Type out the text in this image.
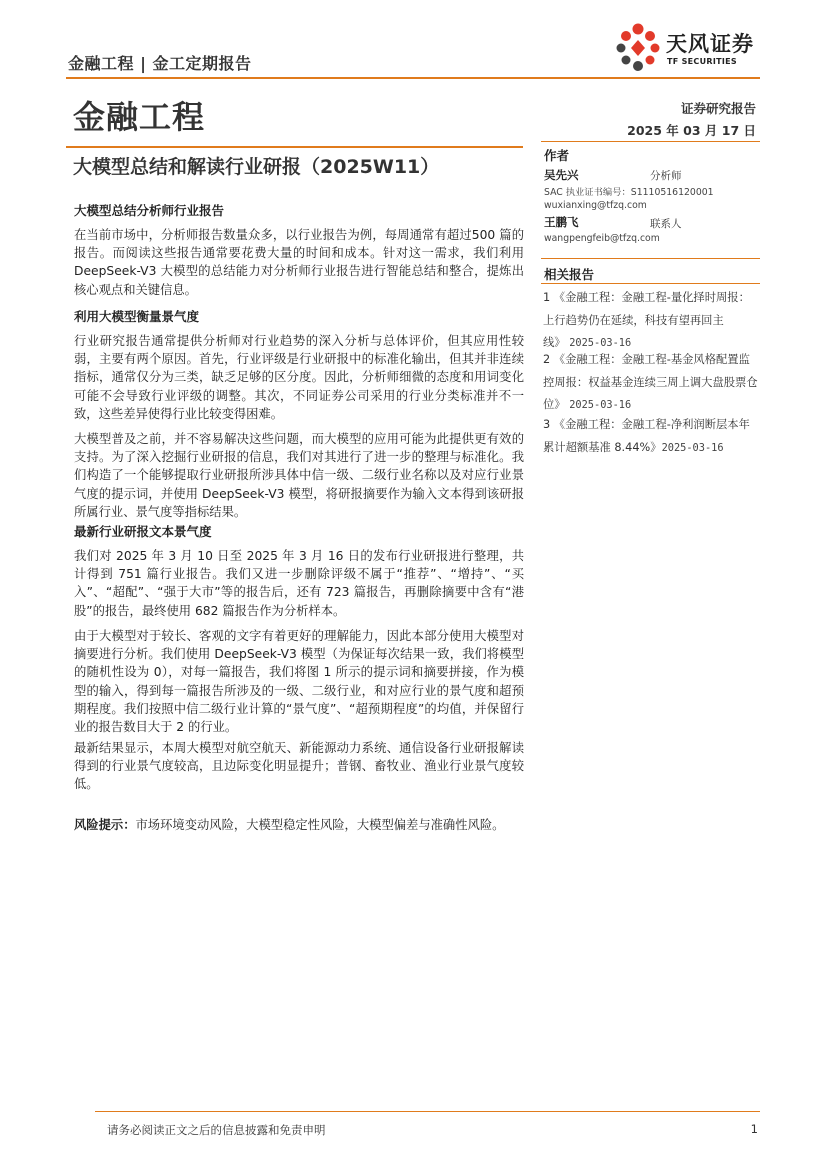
金融工程 | 金工定期报告
天风证券
TF SECURITIES
金融工程	证券研究报告
2025 年 03 月 17 日
大模型总结和解读行业研报（2025W11）
大模型总结分析师行业报告

在当前市场中，分析师报告数量众多，以行业报告为例，每周通常有超过500 篇的报告。而阅读这些报告通常要花费大量的时间和成本。针对这一需求，我们利用 DeepSeek-V3 大模型的总结能力对分析师行业报告进行智能总结和整合，提炼出核心观点和关键信息。

利用大模型衡量景气度

行业研究报告通常提供分析师对行业趋势的深入分析与总体评价，但其应用性较弱，主要有两个原因。首先，行业评级是行业研报中的标准化输出，但其并非连续指标，通常仅分为三类，缺乏足够的区分度。因此，分析师细微的态度和用词变化可能不会导致行业评级的调整。其次，不同证券公司采用的行业分类标准并不一致，这些差异使得行业比较变得困难。

大模型普及之前，并不容易解决这些问题，而大模型的应用可能为此提供更有效的支持。为了深入挖掘行业研报的信息，我们对其进行了进一步的整理与标准化。我们构造了一个能够提取行业研报所涉具体中信一级、二级行业名称以及对应行业景气度的提示词，并使用 DeepSeek-V3 模型，将研报摘要作为输入文本得到该研报所属行业、景气度等指标结果。

最新行业研报文本景气度

我们对 2025 年 3 月 10 日至 2025 年 3 月 16 日的发布行业研报进行整理，共计得到 751 篇行业报告。我们又进一步删除评级不属于“推荐”、“增持”、“买入”、“超配”、“强于大市”等的报告后，还有 723 篇报告，再删除摘要中含有“港股”的报告，最终使用 682 篇报告作为分析样本。

由于大模型对于较长、客观的文字有着更好的理解能力，因此本部分使用大模型对摘要进行分析。我们使用 DeepSeek-V3 模型（为保证每次结果一致，我们将模型的随机性设为 0），对每一篇报告，我们将图 1 所示的提示词和摘要拼接，作为模型的输入，得到每一篇报告所涉及的一级、二级行业，和对应行业的景气度和超预期程度。我们按照中信二级行业计算的“景气度”、“超预期程度”的均值，并保留行业的报告数目大于 2 的行业。

最新结果显示，本周大模型对航空航天、新能源动力系统、通信设备行业研报解读得到的行业景气度较高，且边际变化明显提升；普钢、畜牧业、渔业行业景气度较低。

风险提示：市场环境变动风险，大模型稳定性风险，大模型偏差与准确性风险。

作者
吴先兴	分析师
SAC 执业证书编号：S1110516120001
wuxianxing@tfzq.com
王鹏飞	联系人
wangpengfeib@tfzq.com
相关报告

1 《金融工程：金融工程-量化择时周报：上行趋势仍在延续，科技有望再回主线》 2025-03-16

2 《金融工程：金融工程-基金风格配置监控周报：权益基金连续三周上调大盘股票仓位》 2025-03-16

3 《金融工程：金融工程-净利润断层本年累计超额基准 8.44%》2025-03-16

请务必阅读正文之后的信息披露和免责申明	1
